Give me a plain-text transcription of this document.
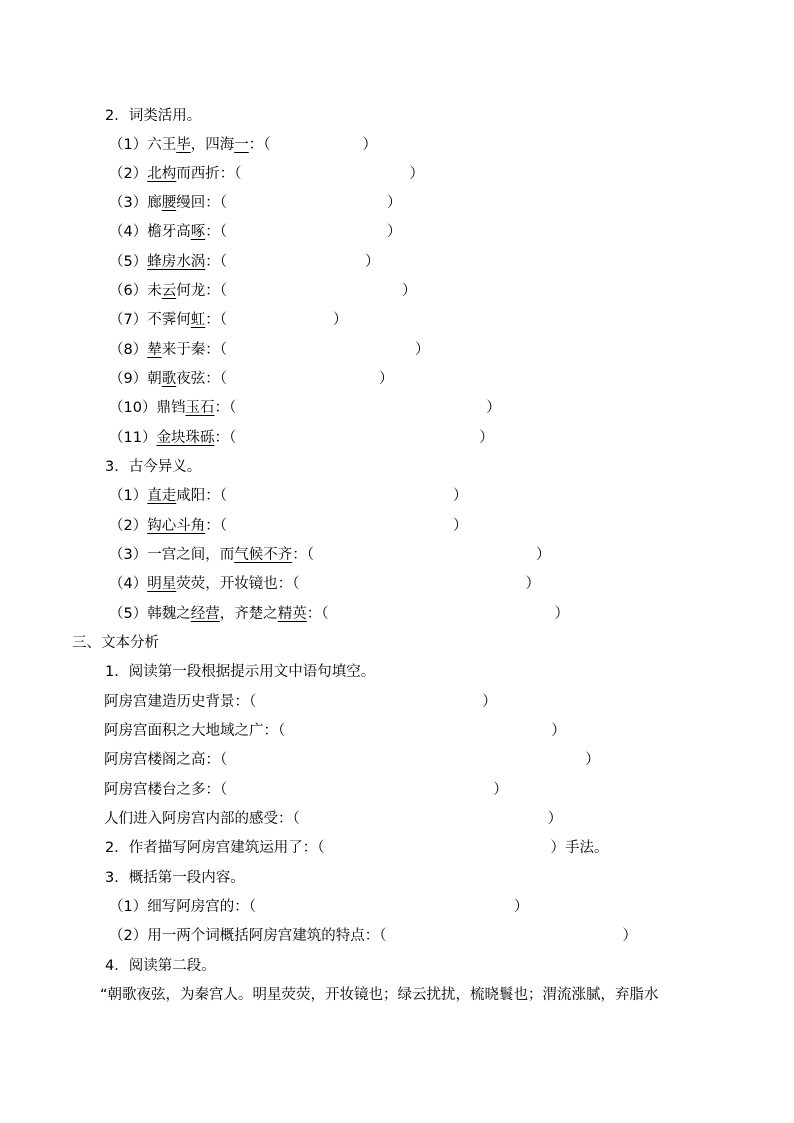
2．词类活用。
（1）六王毕，四海一：（	）
（2）北构而西折：（	）
（3）廊腰缦回：（	）
（4）檐牙高啄：（	）
（5）蜂房水涡：（	）
（6）未云何龙：（	）
（7）不霁何虹：（	）
（8）辇来于秦：（	）
（9）朝歌夜弦：（	）
（10）鼎铛玉石：（	）
（11）金块珠砾：（	）
3．古今异义。
（1）直走咸阳：（	）
（2）钩心斗角：（	）
（3）一宫之间，而气候不齐：（	）
（4）明星荧荧，开妆镜也：（	）
（5）韩魏之经营，齐楚之精英：（	）
三、文本分析
1．阅读第一段根据提示用文中语句填空。
阿房宫建造历史背景：（	）
阿房宫面积之大地域之广：（	）
阿房宫楼阁之高：（	）
阿房宫楼台之多：（	）
人们进入阿房宫内部的感受：（	）
2．作者描写阿房宫建筑运用了：（	）手法。
3．概括第一段内容。
（1）细写阿房宫的：（	）
（2）用一两个词概括阿房宫建筑的特点：（	）
4．阅读第二段。
“朝歌夜弦，为秦宫人。明星荧荧，开妆镜也；绿云扰扰，梳晓鬟也；渭流涨腻，弃脂水
